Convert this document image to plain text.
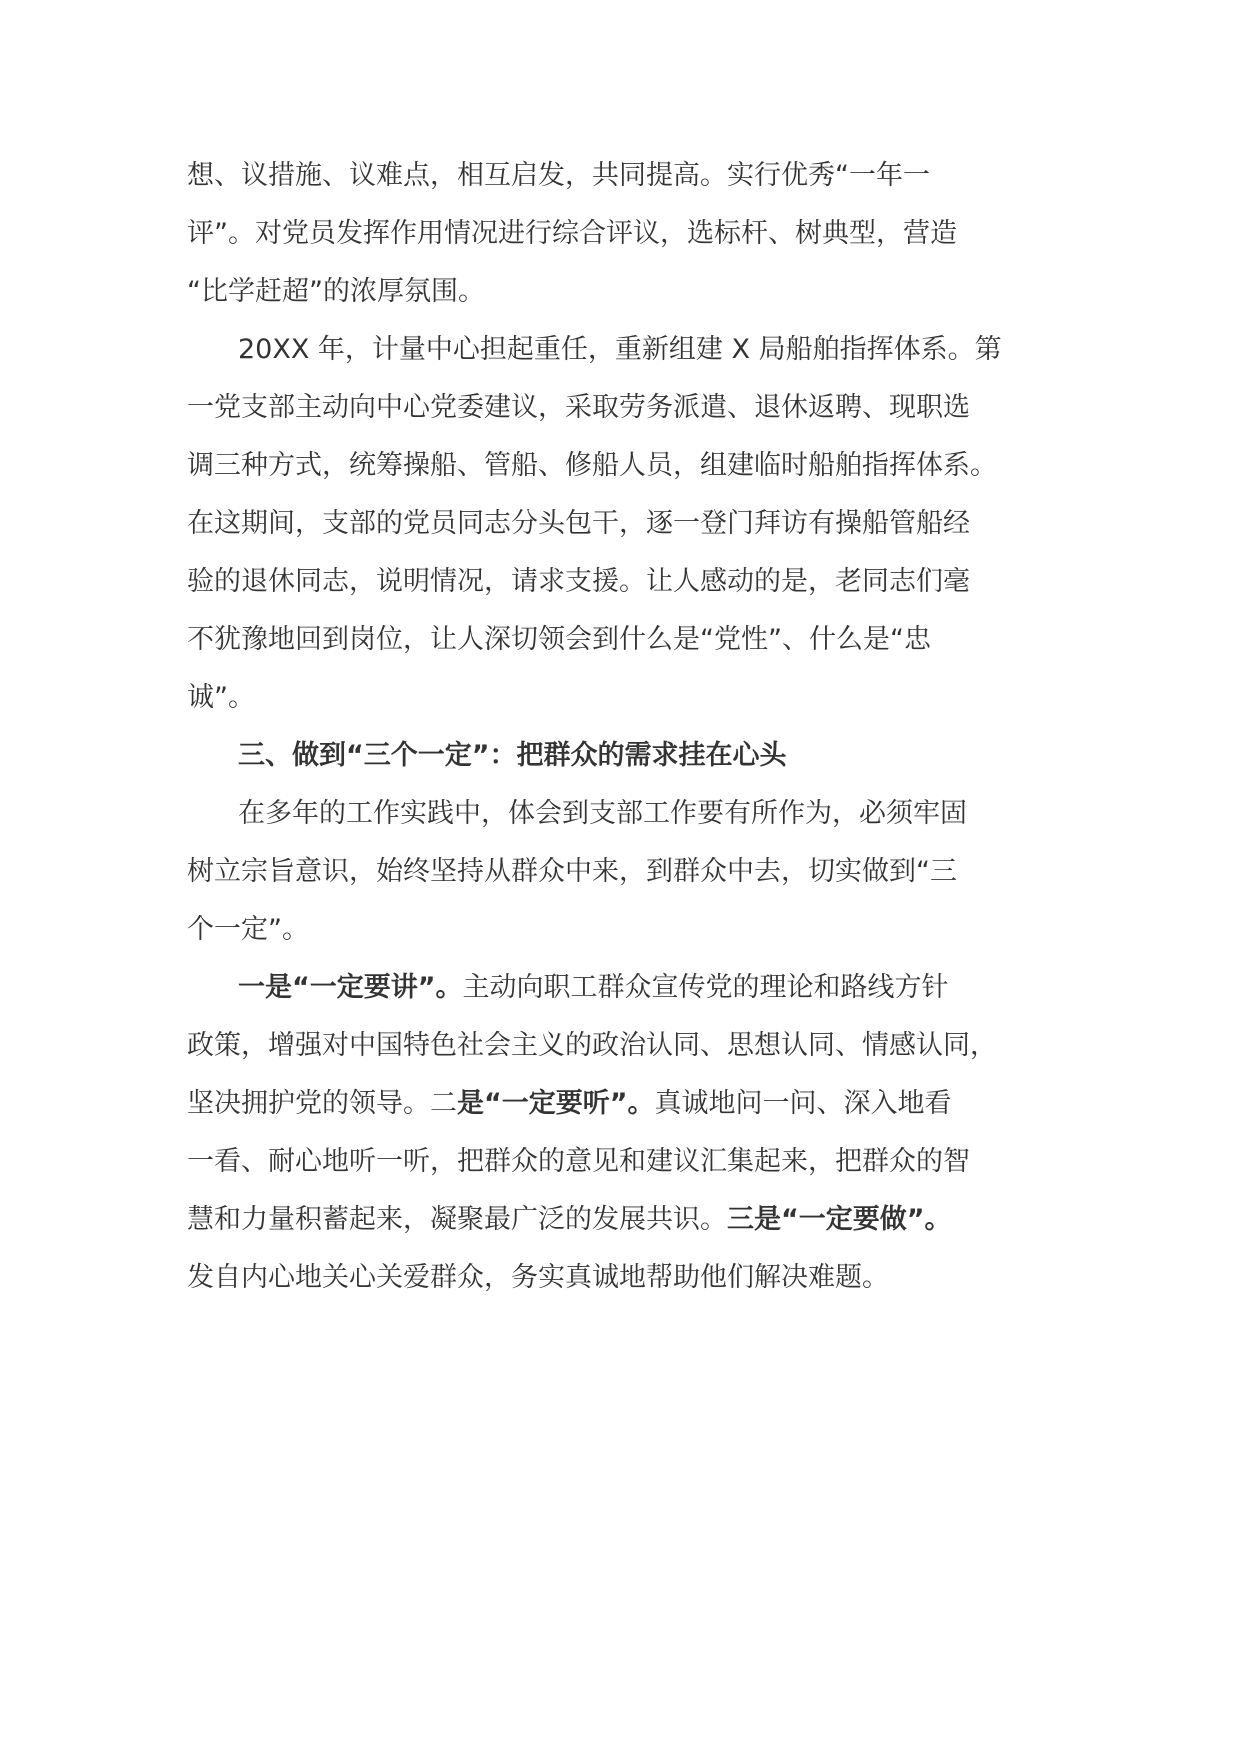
想、议措施、议难点，相互启发，共同提高。实行优秀“一年一
评”。对党员发挥作用情况进行综合评议，选标杆、树典型，营造
“比学赶超”的浓厚氛围。
20XX 年，计量中心担起重任，重新组建 X 局船舶指挥体系。第
一党支部主动向中心党委建议，采取劳务派遣、退休返聘、现职选
调三种方式，统筹操船、管船、修船人员，组建临时船舶指挥体系。
在这期间，支部的党员同志分头包干，逐一登门拜访有操船管船经
验的退休同志，说明情况，请求支援。让人感动的是，老同志们毫
不犹豫地回到岗位，让人深切领会到什么是“党性”、什么是“忠
诚”。
三、做到“三个一定”：把群众的需求挂在心头
在多年的工作实践中，体会到支部工作要有所作为，必须牢固
树立宗旨意识，始终坚持从群众中来，到群众中去，切实做到“三
个一定”。
一是“一定要讲”。主动向职工群众宣传党的理论和路线方针
政策，增强对中国特色社会主义的政治认同、思想认同、情感认同，
坚决拥护党的领导。二是“一定要听”。真诚地问一问、深入地看
一看、耐心地听一听，把群众的意见和建议汇集起来，把群众的智
慧和力量积蓄起来，凝聚最广泛的发展共识。三是“一定要做”。
发自内心地关心关爱群众，务实真诚地帮助他们解决难题。
